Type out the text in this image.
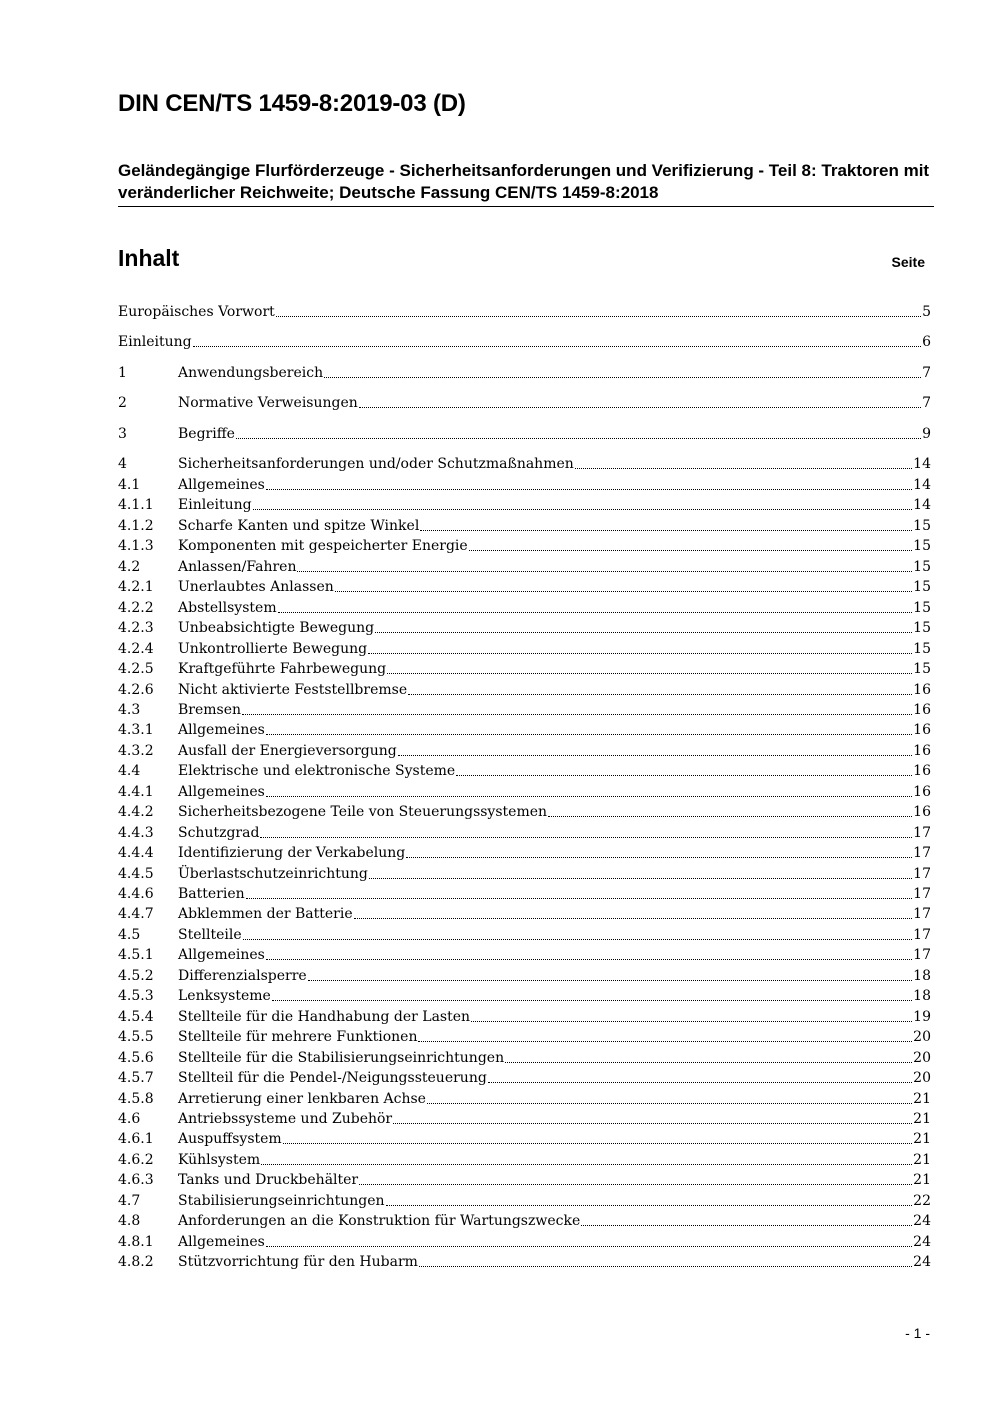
DIN CEN/TS 1459-8:2019-03 (D)

Geländegängige Flurförderzeuge - Sicherheitsanforderungen und Verifizierung - Teil 8: Traktoren mit veränderlicher Reichweite; Deutsche Fassung CEN/TS 1459-8:2018

Inhalt	Seite
Europäisches Vorwort	5
Einleitung	6
1	Anwendungsbereich	7
2	Normative Verweisungen	7
3	Begriffe	9
4	Sicherheitsanforderungen und/oder Schutzmaßnahmen	14
4.1	Allgemeines	14
4.1.1	Einleitung	14
4.1.2	Scharfe Kanten und spitze Winkel	15
4.1.3	Komponenten mit gespeicherter Energie	15
4.2	Anlassen/Fahren	15
4.2.1	Unerlaubtes Anlassen	15
4.2.2	Abstellsystem	15
4.2.3	Unbeabsichtigte Bewegung	15
4.2.4	Unkontrollierte Bewegung	15
4.2.5	Kraftgeführte Fahrbewegung	15
4.2.6	Nicht aktivierte Feststellbremse	16
4.3	Bremsen	16
4.3.1	Allgemeines	16
4.3.2	Ausfall der Energieversorgung	16
4.4	Elektrische und elektronische Systeme	16
4.4.1	Allgemeines	16
4.4.2	Sicherheitsbezogene Teile von Steuerungssystemen	16
4.4.3	Schutzgrad	17
4.4.4	Identifizierung der Verkabelung	17
4.4.5	Überlastschutzeinrichtung	17
4.4.6	Batterien	17
4.4.7	Abklemmen der Batterie	17
4.5	Stellteile	17
4.5.1	Allgemeines	17
4.5.2	Differenzialsperre	18
4.5.3	Lenksysteme	18
4.5.4	Stellteile für die Handhabung der Lasten	19
4.5.5	Stellteile für mehrere Funktionen	20
4.5.6	Stellteile für die Stabilisierungseinrichtungen	20
4.5.7	Stellteil für die Pendel-/Neigungssteuerung	20
4.5.8	Arretierung einer lenkbaren Achse	21
4.6	Antriebssysteme und Zubehör	21
4.6.1	Auspuffsystem	21
4.6.2	Kühlsystem	21
4.6.3	Tanks und Druckbehälter	21
4.7	Stabilisierungseinrichtungen	22
4.8	Anforderungen an die Konstruktion für Wartungszwecke	24
4.8.1	Allgemeines	24
4.8.2	Stützvorrichtung für den Hubarm	24
- 1 -
